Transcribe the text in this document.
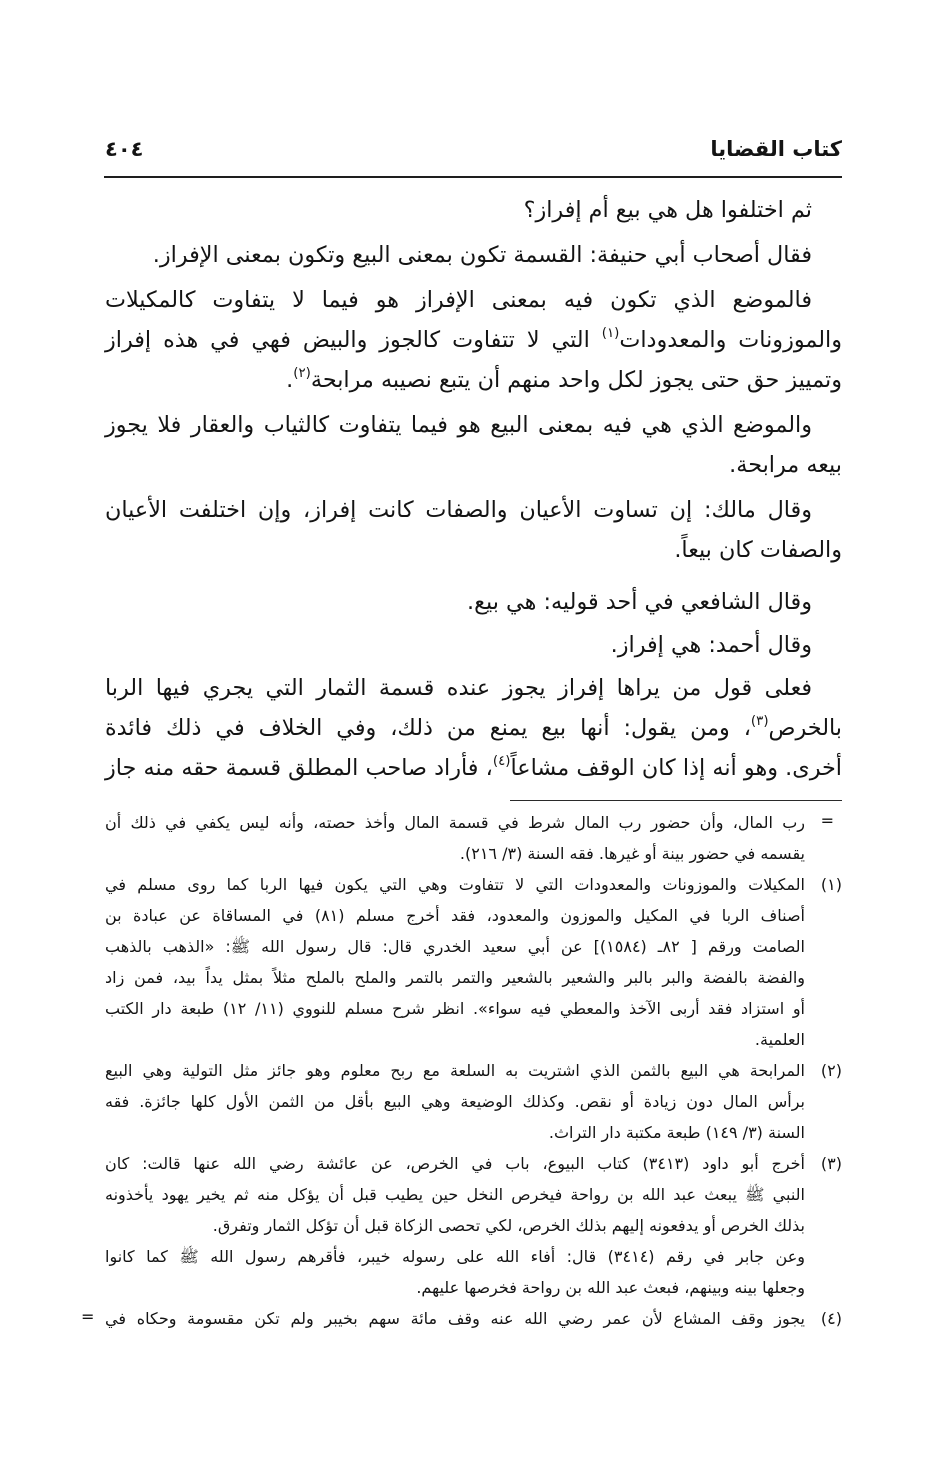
كتاب القضايا
٤٠٤
ثم اختلفوا هل هي بيع أم إفراز؟
فقال أصحاب أبي حنيفة: القسمة تكون بمعنى البيع وتكون بمعنى الإفراز.
فالموضع الذي تكون فيه بمعنى الإفراز هو فيما لا يتفاوت كالمكيلات
والموزونات والمعدودات$^{(١)}$ التي لا تتفاوت كالجوز والبيض فهي في هذه إفراز
وتمييز حق حتى يجوز لكل واحد منهم أن يتبع نصيبه مرابحة$^{(٢)}$.
والموضع الذي هي فيه بمعنى البيع هو فيما يتفاوت كالثياب والعقار فلا يجوز
بيعه مرابحة.
وقال مالك: إن تساوت الأعيان والصفات كانت إفراز، وإن اختلفت الأعيان
والصفات كان بيعاً.
وقال الشافعي في أحد قوليه: هي بيع.
وقال أحمد: هي إفراز.
فعلى قول من يراها إفراز يجوز عنده قسمة الثمار التي يجري فيها الربا
بالخرص$^{(٣)}$، ومن يقول: أنها بيع يمنع من ذلك، وفي الخلاف في ذلك فائدة
أخرى. وهو أنه إذا كان الوقف مشاعاً$^{(٤)}$، فأراد صاحب المطلق قسمة حقه منه جاز
=
رب المال، وأن حضور رب المال شرط في قسمة المال وأخذ حصته، وأنه ليس يكفي في ذلك أن
يقسمه في حضور بينة أو غيرها. فقه السنة (٣/ ٢١٦).
(١)
المكيلات والموزونات والمعدودات التي لا تتفاوت وهي التي يكون فيها الربا كما روى مسلم في
أصناف الربا في المكيل والموزون والمعدود، فقد أخرج مسلم (٨١) في المساقاة عن عبادة بن
الصامت ورقم [ ٨٢ـ (١٥٨٤)] عن أبي سعيد الخدري قال: قال رسول الله ﷺ: «الذهب بالذهب
والفضة بالفضة والبر بالبر والشعير بالشعير والتمر بالتمر والملح بالملح مثلاً بمثل يداً بيد، فمن زاد
أو استزاد فقد أربى الآخذ والمعطي فيه سواء». انظر شرح مسلم للنووي (١١/ ١٢) طبعة دار الكتب
العلمية.
(٢)
المرابحة هي البيع بالثمن الذي اشتريت به السلعة مع ربح معلوم وهو جائز مثل التولية وهي البيع
برأس المال دون زيادة أو نقص. وكذلك الوضيعة وهي البيع بأقل من الثمن الأول كلها جائزة. فقه
السنة (٣/ ١٤٩) طبعة مكتبة دار التراث.
(٣)
أخرج أبو داود (٣٤١٣) كتاب البيوع، باب في الخرص، عن عائشة رضي الله عنها قالت: كان
النبي ﷺ يبعث عبد الله بن رواحة فيخرص النخل حين يطيب قبل أن يؤكل منه ثم يخير يهود يأخذونه
بذلك الخرص أو يدفعونه إليهم بذلك الخرص، لكي تحصى الزكاة قبل أن تؤكل الثمار وتفرق.
وعن جابر في رقم (٣٤١٤) قال: أفاء الله على رسوله خيبر، فأقرهم رسول الله ﷺ كما كانوا
وجعلها بينه وبينهم، فبعث عبد الله بن رواحة فخرصها عليهم.
(٤)
يجوز وقف المشاع لأن عمر رضي الله عنه وقف مائة سهم بخيبر ولم تكن مقسومة وحكاه في
=
